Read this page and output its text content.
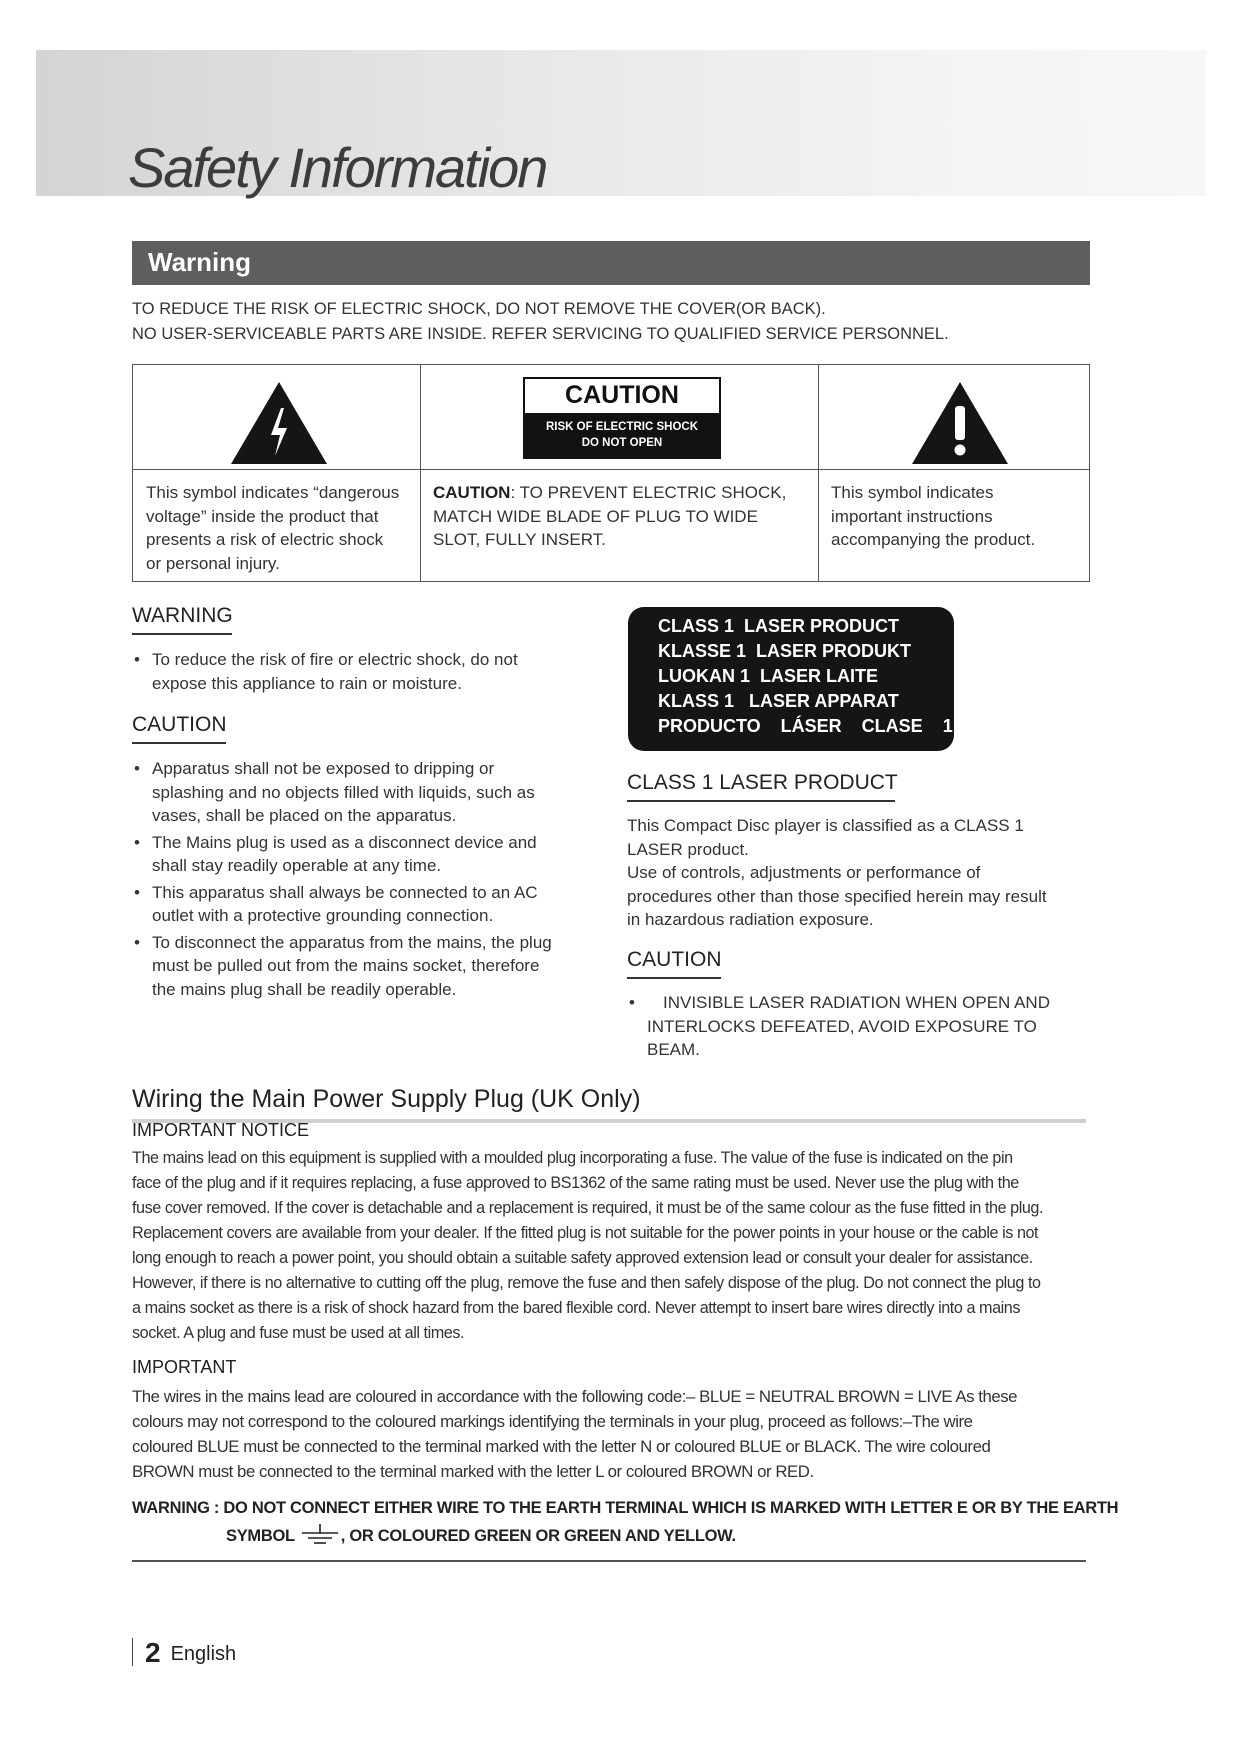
Safety Information
Warning
TO REDUCE THE RISK OF ELECTRIC SHOCK, DO NOT REMOVE THE COVER(OR BACK).
NO USER-SERVICEABLE PARTS ARE INSIDE. REFER SERVICING TO QUALIFIED SERVICE PERSONNEL.
CAUTION
RISK OF ELECTRIC SHOCK
DO NOT OPEN
This symbol indicates “dangerous
voltage” inside the product that
presents a risk of electric shock
or personal injury.
CAUTION: TO PREVENT ELECTRIC SHOCK,
MATCH WIDE BLADE OF PLUG TO WIDE
SLOT, FULLY INSERT.
This symbol indicates
important instructions
accompanying the product.
WARNING
• To reduce the risk of fire or electric shock, do not
expose this appliance to rain or moisture.
CAUTION
• Apparatus shall not be exposed to dripping or
splashing and no objects filled with liquids, such as
vases, shall be placed on the apparatus.
• The Mains plug is used as a disconnect device and
shall stay readily operable at any time.
• This apparatus shall always be connected to an AC
outlet with a protective grounding connection.
• To disconnect the apparatus from the mains, the plug
must be pulled out from the mains socket, therefore
the mains plug shall be readily operable.
CLASS 1  LASER PRODUCT
KLASSE 1  LASER PRODUKT
LUOKAN 1  LASER LAITE
KLASS 1   LASER APPARAT
PRODUCTO    LÁSER    CLASE    1
CLASS 1 LASER PRODUCT
This Compact Disc player is classified as a CLASS 1
LASER product.
Use of controls, adjustments or performance of
procedures other than those specified herein may result
in hazardous radiation exposure.
CAUTION
•	INVISIBLE LASER RADIATION WHEN OPEN AND
INTERLOCKS DEFEATED, AVOID EXPOSURE TO
BEAM.
Wiring the Main Power Supply Plug (UK Only)
IMPORTANT NOTICE
The mains lead on this equipment is supplied with a moulded plug incorporating a fuse. The value of the fuse is indicated on the pin
face of the plug and if it requires replacing, a fuse approved to BS1362 of the same rating must be used. Never use the plug with the
fuse cover removed. If the cover is detachable and a replacement is required, it must be of the same colour as the fuse fitted in the plug.
Replacement covers are available from your dealer. If the fitted plug is not suitable for the power points in your house or the cable is not
long enough to reach a power point, you should obtain a suitable safety approved extension lead or consult your dealer for assistance.
However, if there is no alternative to cutting off the plug, remove the fuse and then safely dispose of the plug. Do not connect the plug to
a mains socket as there is a risk of shock hazard from the bared flexible cord. Never attempt to insert bare wires directly into a mains
socket. A plug and fuse must be used at all times.
IMPORTANT
The wires in the mains lead are coloured in accordance with the following code:– BLUE = NEUTRAL BROWN = LIVE As these
colours may not correspond to the coloured markings identifying the terminals in your plug, proceed as follows:–The wire
coloured BLUE must be connected to the terminal marked with the letter N or coloured BLUE or BLACK. The wire coloured
BROWN must be connected to the terminal marked with the letter L or coloured BROWN or RED.
WARNING : DO NOT CONNECT EITHER WIRE TO THE EARTH TERMINAL WHICH IS MARKED WITH LETTER E OR BY THE EARTH
SYMBOL	, OR COLOURED GREEN OR GREEN AND YELLOW.
2 English
